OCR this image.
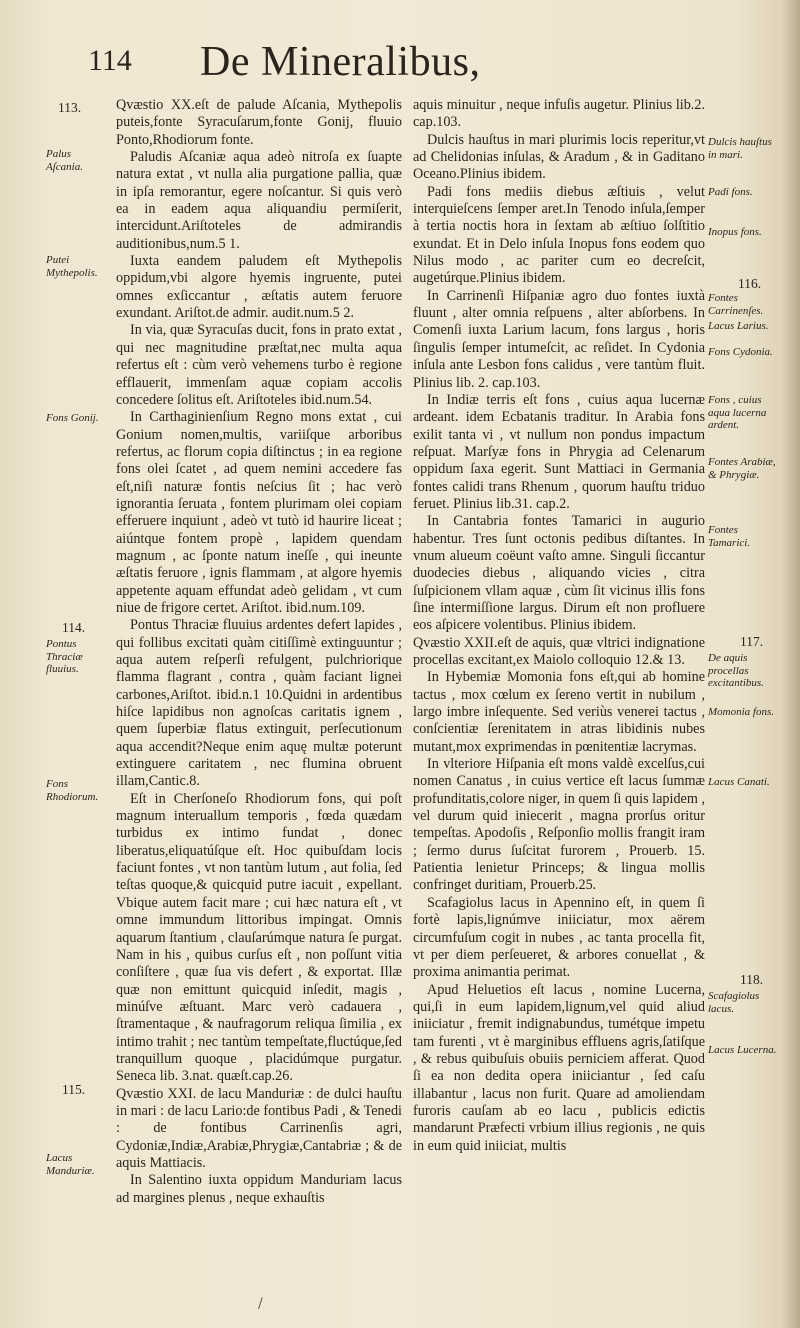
114 De Mineralibus,

Qvæstio XX.eſt de palude Aſcania, Mythepolis puteis,fonte Syracuſarum,fonte Gonij, fluuio Ponto,Rhodiorum fonte.

Paludis Aſcaniæ aqua adeò nitroſa ex ſuapte natura extat , vt nulla alia purgatione pallia, quæ in ipſa remorantur, egere noſcantur. Si quis verò ea in eadem aqua aliquandiu permiſerit, intercidunt.Ariſtoteles de admirandis auditionibus,num.5 1.

Iuxta eandem paludem eſt Mythepolis oppidum,vbi algore hyemis ingruente, putei omnes exſiccantur , æſtatis autem feruore exundant. Ariſtot.de admir. audit.num.5 2.

In via, quæ Syracuſas ducit, fons in prato extat , qui nec magnitudine præſtat,nec multa aqua refertus eſt : cùm verò vehemens turbo è regione efflauerit, immenſam aquæ copiam accolis concedere ſolitus eſt. Ariſtoteles ibid.num.54.

In Carthaginienſium Regno mons extat , cui Gonium nomen,multis, variiſque arboribus refertus, ac florum copia diſtinctus ; in ea regione fons olei ſcatet , ad quem nemini accedere fas eſt,niſi naturæ fontis neſcius ſit ; hac verò ignorantia ſeruata , fontem plurimam olei copiam efferuere inquiunt , adeò vt tutò id haurire liceat ; aiúntque fontem propè , lapidem quendam magnum , ac ſponte natum ineſſe , qui ineunte æſtatis feruore , ignis flammam , at algore hyemis appetente aquam effundat adeò gelidam , vt cum niue de frigore certet. Ariſtot. ibid.num.109.

Pontus Thraciæ fluuius ardentes defert lapides , qui follibus excitati quàm citiſſimè extinguuntur ; aqua autem reſperſi refulgent, pulchriorique flamma flagrant , contra , quàm faciant lignei carbones,Ariſtot. ibid.n.1 10.Quidni in ardentibus hiſce lapidibus non agnoſcas caritatis ignem , quem ſuperbiæ flatus extinguit, perſecutionum aqua accendit?Neque enim aquę multæ poterunt extinguere caritatem , nec flumina obruent illam,Cantic.8.

Eſt in Cherſoneſo Rhodiorum fons, qui poſt magnum interuallum temporis , fœda quædam turbidus ex intimo fundat , donec liberatus,eliquatúſque eſt. Hoc quibuſdam locis faciunt fontes , vt non tantùm lutum , aut folia, ſed teſtas quoque,& quicquid putre iacuit , expellant. Vbique autem facit mare ; cui hæc natura eſt , vt omne immundum littoribus impingat. Omnis aquarum ſtantium , clauſarúmque natura ſe purgat. Nam in his , quibus curſus eſt , non poſſunt vitia conſiſtere , quæ ſua vis defert , & exportat. Illæ quæ non emittunt quicquid inſedit, magis , minúſve æſtuant. Marc verò cadauera , ſtramentaque , & naufragorum reliqua ſimilia , ex intimo trahit ; nec tantùm tempeſtate,fluctúque,ſed tranquillum quoque , placidúmque purgatur. Seneca lib. 3.nat. quæſt.cap.26.

Qvæstio XXI. de lacu Manduriæ : de dulci hauſtu in mari : de lacu Lario:de fontibus Padi , & Tenedi : de fontibus Carrinenſis agri, Cydoniæ,Indiæ,Arabiæ,Phrygiæ,Cantabriæ ; & de aquis Mattiacis.

In Salentino iuxta oppidum Manduriam lacus ad margines plenus , neque exhauſtis

aquis minuitur , neque infuſis augetur. Plinius lib.2. cap.103.

Dulcis hauſtus in mari plurimis locis reperitur,vt ad Chelidonias inſulas, & Aradum , & in Gaditano Oceano.Plinius ibidem.

Padi fons mediis diebus æſtiuis , velut interquieſcens ſemper aret.In Tenodo inſula,ſemper à tertia noctis hora in ſextam ab æſtiuo ſolſtitio exundat. Et in Delo inſula Inopus fons eodem quo Nilus modo , ac pariter cum eo decreſcit, augetúrque.Plinius ibidem.

In Carrinenſi Hiſpaniæ agro duo fontes iuxtà fluunt , alter omnia reſpuens , alter abſorbens. In Comenſi iuxta Larium lacum, fons largus , horis ſingulis ſemper intumeſcit, ac reſidet. In Cydonia inſula ante Lesbon fons calidus , vere tantùm fluit. Plinius lib. 2. cap.103.

In Indiæ terris eſt fons , cuius aqua lucernæ ardeant. idem Ecbatanis traditur. In Arabia fons exilit tanta vi , vt nullum non pondus impactum reſpuat. Marſyæ fons in Phrygia ad Celenarum oppidum ſaxa egerit. Sunt Mattiaci in Germania fontes calidi trans Rhenum , quorum hauſtu triduo feruet. Plinius lib.31. cap.2.

In Cantabria fontes Tamarici in augurio habentur. Tres ſunt octonis pedibus diſtantes. In vnum alueum coëunt vaſto amne. Singuli ſiccantur duodecies diebus , aliquando vicies , citra ſuſpicionem vllam aquæ , cùm ſit vicinus illis fons ſine intermiſſione largus. Dirum eſt non profluere eos aſpicere volentibus. Plinius ibidem.

Qvæstio XXII.eſt de aquis, quæ vltrici indignatione procellas excitant,ex Maiolo colloquio 12.& 13.

In Hybemiæ Momonia fons eſt,qui ab homine tactus , mox cœlum ex ſereno vertit in nubilum , largo imbre inſequente. Sed veriùs venerei tactus , conſcientiæ ſerenitatem in atras libidinis nubes mutant,mox exprimendas in pœnitentiæ lacrymas.

In vlteriore Hiſpania eſt mons valdè excelſus,cui nomen Canatus , in cuius vertice eſt lacus ſummæ profunditatis,colore niger, in quem ſi quis lapidem , vel durum quid iniecerit , magna prorſus oritur tempeſtas. Apodoſis , Reſponſio mollis frangit iram ; ſermo durus ſuſcitat furorem , Prouerb. 15. Patientia lenietur Princeps; & lingua mollis confringet duritiam, Prouerb.25.

Scafagiolus lacus in Apennino eſt, in quem ſi fortè lapis,lignúmve iniiciatur, mox aërem circumfuſum cogit in nubes , ac tanta procella fit, vt per diem perſeueret, & arbores conuellat , & proxima animantia perimat.

Apud Heluetios eſt lacus , nomine Lucerna, qui,ſi in eum lapidem,lignum,vel quid aliud iniiciatur , fremit indignabundus, tumétque impetu tam furenti , vt è marginibus effluens agris,ſatiſque , & rebus quibuſuis obuiis perniciem afferat. Quod ſi ea non dedita opera iniiciantur , ſed caſu illabantur , lacus non furit. Quare ad amoliendam furoris cauſam ab eo lacu , publicis edictis mandarunt Præfecti vrbium illius regionis , ne quis in eum quid iniiciat, multis

113.
Palus Aſcania.
Putei Mythepolis.
Fons Gonij.
114.
Pontus Thraciæ fluuius.
Fons Rhodiorum.
115.
Lacus Manduriæ.
Dulcis hauſtus in mari.
Padi fons.
Inopus fons.
116.
Fontes Carrinenſes.
Lacus Larius.
Fons Cydonia.
Fons , cuius aqua lucerna ardent.
Fontes Arabiæ, & Phrygiæ.
Fontes Tamarici.
117.
De aquis procellas excitantibus.
Momonia fons.
Lacus Canati.
118.
Scafagiolus lacus.
Lacus Lucerna.
/
